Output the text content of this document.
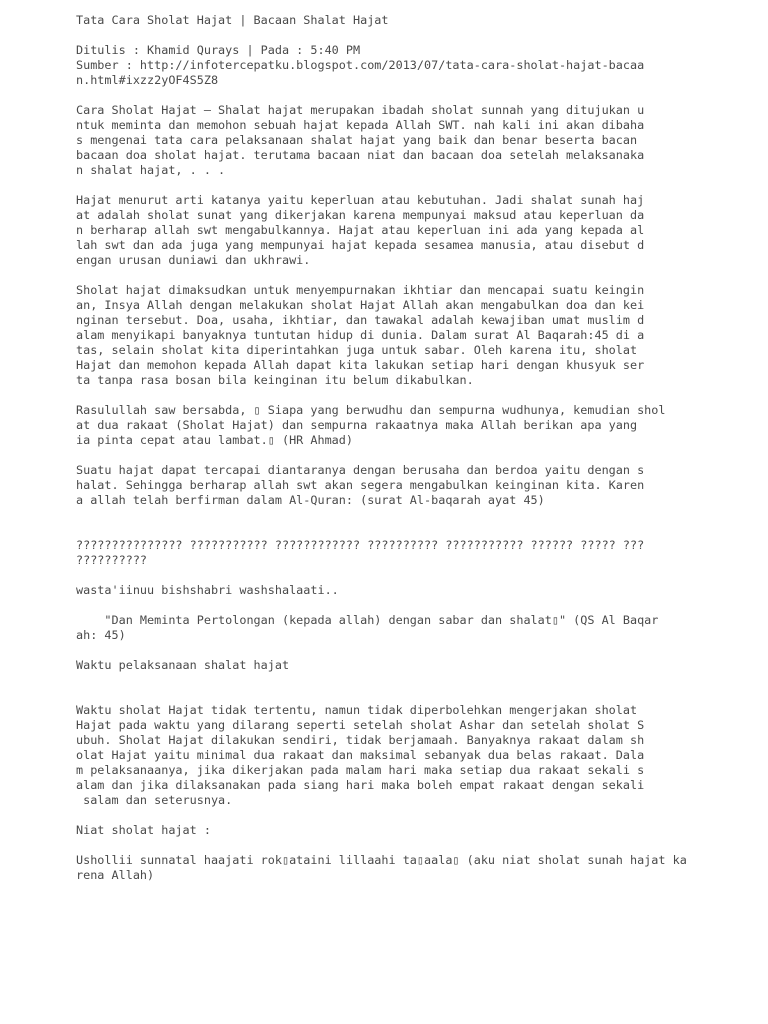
Tata Cara Sholat Hajat | Bacaan Shalat Hajat
Ditulis : Khamid Qurays | Pada : 5:40 PM
Sumber : http://infotercepatku.blogspot.com/2013/07/tata-cara-sholat-hajat-bacaa
n.html#ixzz2yOF4S5Z8
Cara Sholat Hajat – Shalat hajat merupakan ibadah sholat sunnah yang ditujukan u
ntuk meminta dan memohon sebuah hajat kepada Allah SWT. nah kali ini akan dibaha
s mengenai tata cara pelaksanaan shalat hajat yang baik dan benar beserta bacan
bacaan doa sholat hajat. terutama bacaan niat dan bacaan doa setelah melaksanaka
n shalat hajat, . . .
Hajat menurut arti katanya yaitu keperluan atau kebutuhan. Jadi shalat sunah haj
at adalah sholat sunat yang dikerjakan karena mempunyai maksud atau keperluan da
n berharap allah swt mengabulkannya. Hajat atau keperluan ini ada yang kepada al
lah swt dan ada juga yang mempunyai hajat kepada sesamea manusia, atau disebut d
engan urusan duniawi dan ukhrawi.
Sholat hajat dimaksudkan untuk menyempurnakan ikhtiar dan mencapai suatu keingin
an, Insya Allah dengan melakukan sholat Hajat Allah akan mengabulkan doa dan kei
nginan tersebut. Doa, usaha, ikhtiar, dan tawakal adalah kewajiban umat muslim d
alam menyikapi banyaknya tuntutan hidup di dunia. Dalam surat Al Baqarah:45 di a
tas, selain sholat kita diperintahkan juga untuk sabar. Oleh karena itu, sholat
Hajat dan memohon kepada Allah dapat kita lakukan setiap hari dengan khusyuk ser
ta tanpa rasa bosan bila keinginan itu belum dikabulkan.
Rasulullah saw bersabda, ▯ Siapa yang berwudhu dan sempurna wudhunya, kemudian shol
at dua rakaat (Sholat Hajat) dan sempurna rakaatnya maka Allah berikan apa yang
ia pinta cepat atau lambat.▯ (HR Ahmad)
Suatu hajat dapat tercapai diantaranya dengan berusaha dan berdoa yaitu dengan s
halat. Sehingga berharap allah swt akan segera mengabulkan keinginan kita. Karen
a allah telah berfirman dalam Al-Quran: (surat Al-baqarah ayat 45)
??????????????? ??????????? ???????????? ?????????? ??????????? ?????? ????? ???
??????????
wasta'iinuu bishshabri washshalaati..
"Dan Meminta Pertolongan (kepada allah) dengan sabar dan shalat▯" (QS Al Baqar
ah: 45)
Waktu pelaksanaan shalat hajat
Waktu sholat Hajat tidak tertentu, namun tidak diperbolehkan mengerjakan sholat
Hajat pada waktu yang dilarang seperti setelah sholat Ashar dan setelah sholat S
ubuh. Sholat Hajat dilakukan sendiri, tidak berjamaah. Banyaknya rakaat dalam sh
olat Hajat yaitu minimal dua rakaat dan maksimal sebanyak dua belas rakaat. Dala
m pelaksanaanya, jika dikerjakan pada malam hari maka setiap dua rakaat sekali s
alam dan jika dilaksanakan pada siang hari maka boleh empat rakaat dengan sekali
salam dan seterusnya.
Niat sholat hajat :
Ushollii sunnatal haajati rok▯ataini lillaahi ta▯aala▯ (aku niat sholat sunah hajat ka
rena Allah)
